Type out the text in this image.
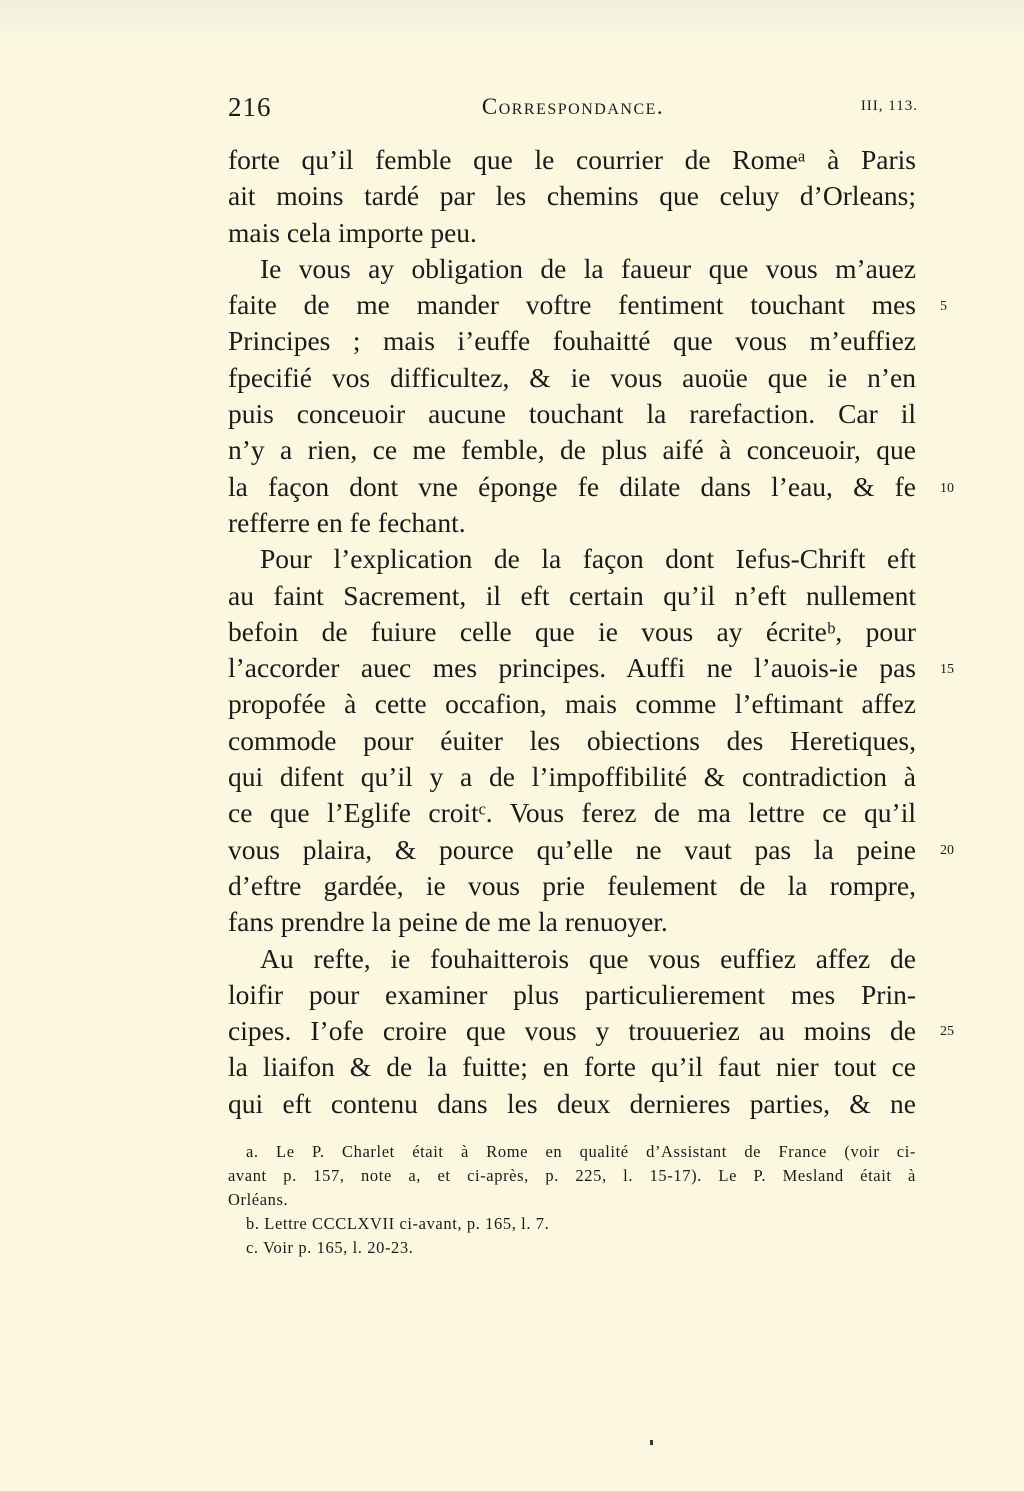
216	Correspondance.	III, 113.
forte qu’il femble que le courrier de Romeᵃ à Paris
ait moins tardé par les chemins que celuy d’Orleans;
mais cela importe peu.
Ie vous ay obligation de la faueur que vous m’auez
faite de me mander voftre fentiment touchant mes
Principes ; mais i’euffe fouhaitté que vous m’euffiez
fpecifié vos difficultez, & ie vous auoüe que ie n’en
puis conceuoir aucune touchant la rarefaction. Car il
n’y a rien, ce me femble, de plus aifé à conceuoir, que
la façon dont vne éponge fe dilate dans l’eau, & fe
refferre en fe fechant.
Pour l’explication de la façon dont Iefus-Chrift eft
au faint Sacrement, il eft certain qu’il n’eft nullement
befoin de fuiure celle que ie vous ay écriteᵇ, pour
l’accorder auec mes principes. Auffi ne l’auois-ie pas
propofée à cette occafion, mais comme l’eftimant affez
commode pour éuiter les obiections des Heretiques,
qui difent qu’il y a de l’impoffibilité & contradiction à
ce que l’Eglife croitᶜ. Vous ferez de ma lettre ce qu’il
vous plaira, & pource qu’elle ne vaut pas la peine
d’eftre gardée, ie vous prie feulement de la rompre,
fans prendre la peine de me la renuoyer.
Au refte, ie fouhaitterois que vous euffiez affez de
loifir pour examiner plus particulierement mes Prin-
cipes. I’ofe croire que vous y trouueriez au moins de
la liaifon & de la fuitte; en forte qu’il faut nier tout ce
qui eft contenu dans les deux dernieres parties, & ne
5
10
15
20
25
a. Le P. Charlet était à Rome en qualité d’Assistant de France (voir ci-
avant p. 157, note a, et ci-après, p. 225, l. 15-17). Le P. Mesland était à
Orléans.
b. Lettre CCCLXVII ci-avant, p. 165, l. 7.
c. Voir p. 165, l. 20-23.
